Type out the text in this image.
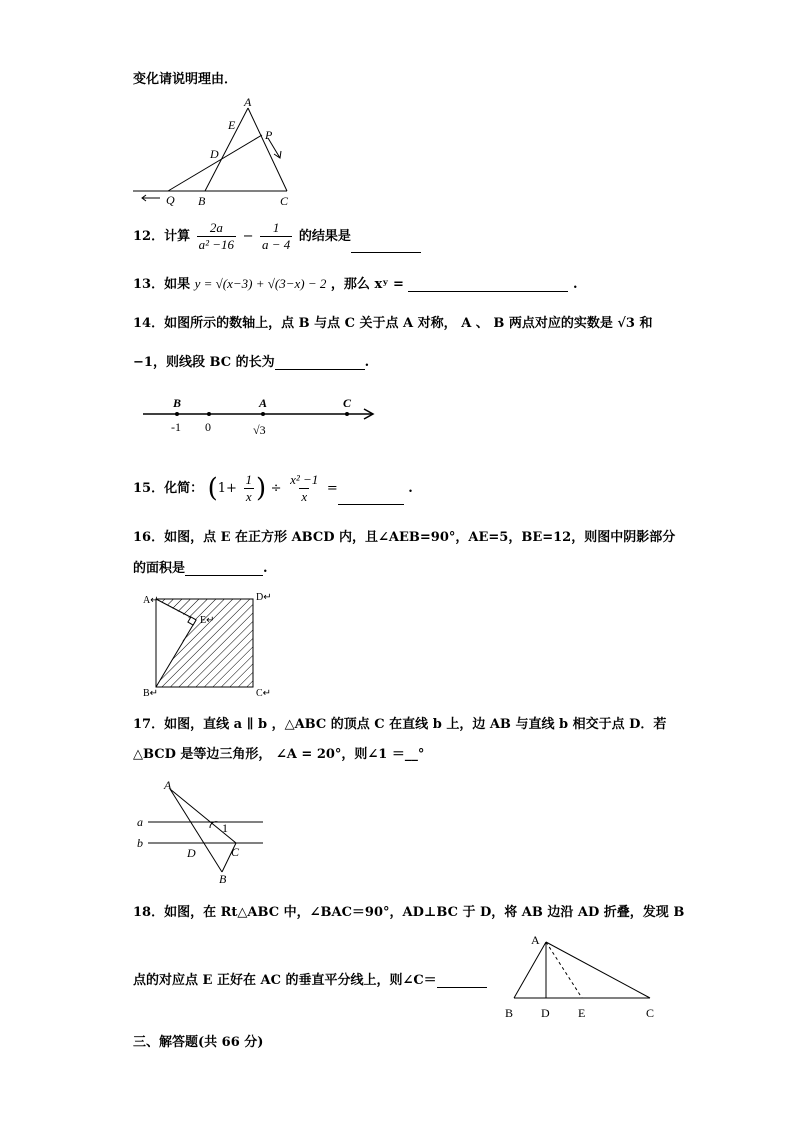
变化请说明理由．
A
E
P
D
Q B	C
12．计算 $\frac{2a}{\text{a² −16}} - \frac{1}{a - 4}$ 的结果是
13．如果 y = √(x−3) + √(3−x) − 2 ，那么 xʸ =	.
14．如图所示的数轴上，点 B 与点 C 关于点 A 对称， A 、 B 两点对应的实数是 √3 和
−1，则线段 BC 的长为	.
B	A	C
-1 0	√3
15．化简： ($1+ \frac{1}{x}$ ) ÷ $\frac{\text{x² −1}}{x}$ =	.
16．如图，点 E 在正方形 ABCD 内，且∠AEB=90°，AE=5，BE=12，则图中阴影部分
的面积是	.
A↵	D↵
E↵
B↵	C↵
17．如图，直线 a ∥ b ，△ABC 的顶点 C 在直线 b 上，边 AB 与直线 b 相交于点 D．若
△BCD 是等边三角形， ∠A = 20°，则∠1 ＝__°
A
a	1
b
D	C
B
18．如图，在 Rt△ABC 中，∠BAC＝90°，AD⊥BC 于 D，将 AB 边沿 AD 折叠，发现 B
点的对应点 E 正好在 AC 的垂直平分线上，则∠C＝
A
B D E	C
三、解答题(共 66 分)
